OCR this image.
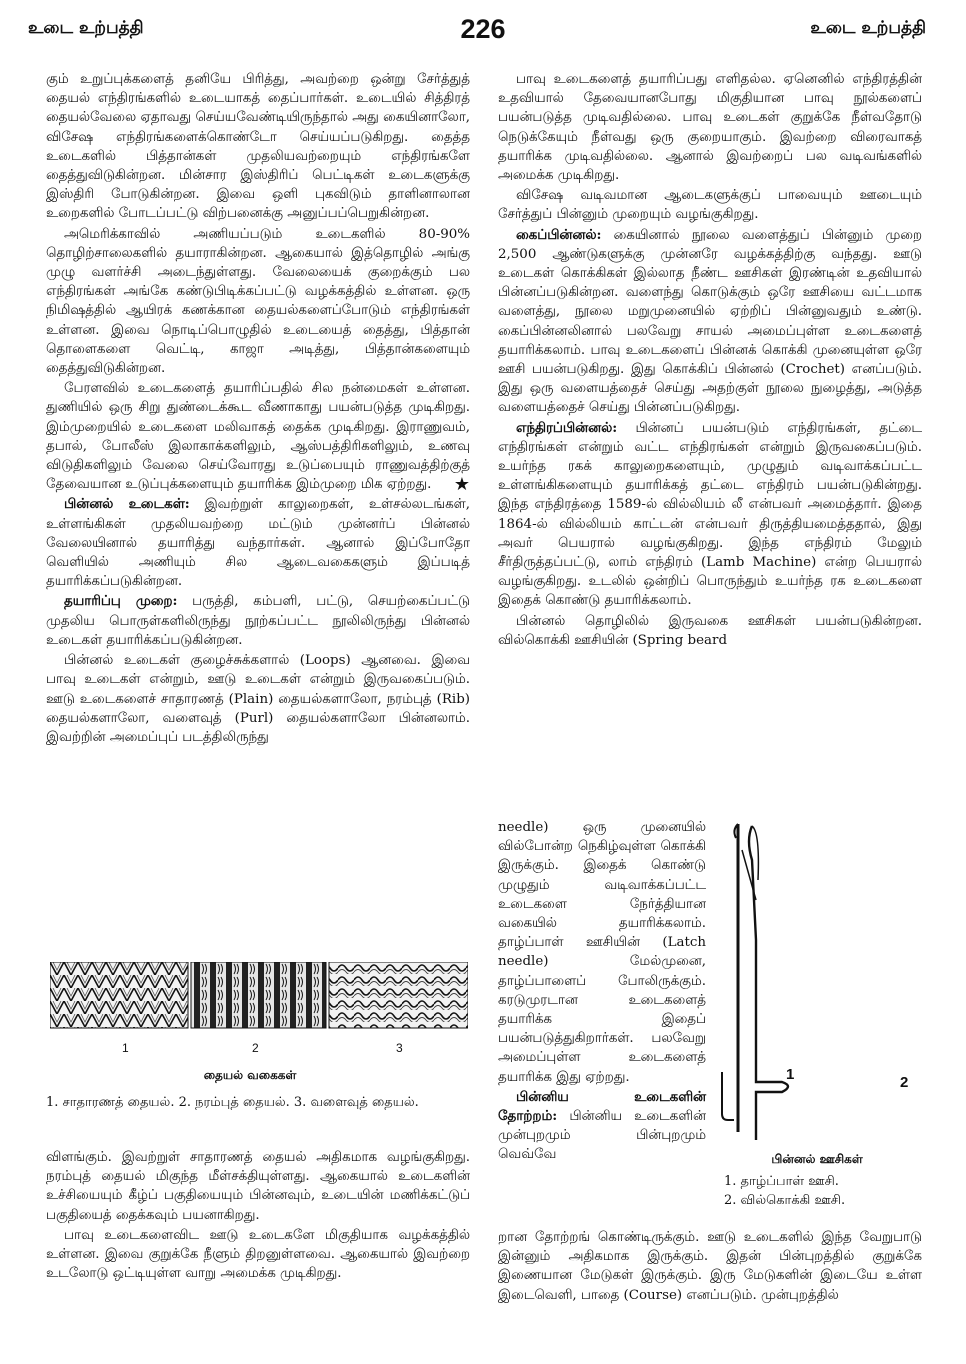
உடை உற்பத்தி	226	உடை உற்பத்தி

கும் உறுப்புக்களைத் தனியே பிரித்து, அவற்றை ஒன்று சேர்த்துத் தையல் எந்திரங்களில் உடையாகத் தைப்பார்கள். உடையில் சித்திரத் தையல்வேலை ஏதாவது செய்யவேண்டியிருந்தால் அது கையினாலோ, விசேஷ எந்திரங்களைக்கொண்டோ செய்யப்படுகிறது. தைத்த உடைகளில் பித்தான்கள் முதலியவற்றையும் எந்திரங்களே தைத்துவிடுகின்றன. மின்சார இஸ்திரிப் பெட்டிகள் உடைகளுக்கு இஸ்திரி போடுகின்றன. இவை ஒளி புகவிடும் தாளினாலான உறைகளில் போடப்பட்டு விற்பனைக்கு அனுப்பப்பெறுகின்றன.

அமெரிக்காவில் அணியப்படும் உடைகளில் 80-90% தொழிற்சாலைகளில் தயாராகின்றன. ஆகையால் இத்தொழில் அங்கு முழு வளர்ச்சி அடைந்துள்ளது. வேலையைக் குறைக்கும் பல எந்திரங்கள் அங்கே கண்டுபிடிக்கப்பட்டு வழக்கத்தில் உள்ளன. ஒரு நிமிஷத்தில் ஆயிரக் கணக்கான தையல்களைப்போடும் எந்திரங்கள் உள்ளன. இவை நொடிப்பொழுதில் உடையைத் தைத்து, பித்தான் தொளைகளை வெட்டி, காஜா அடித்து, பித்தான்களையும் தைத்துவிடுகின்றன.

பேரளவில் உடைகளைத் தயாரிப்பதில் சில நன்மைகள் உள்ளன. துணியில் ஒரு சிறு துண்டைக்கூட வீணாகாது பயன்படுத்த முடிகிறது. இம்முறையில் உடைகளை மலிவாகத் தைக்க முடிகிறது. இராணுவம், தபால், போலீஸ் இலாகாக்களிலும், ஆஸ்பத்திரிகளிலும், உணவு விடுதிகளிலும் வேலை செய்வோரது உடுப்பையும் ராணுவத்திற்குத் தேவையான உடுப்புக்களையும் தயாரிக்க இம்முறை மிக ஏற்றது.	★

பின்னல் உடைகள்: இவற்றுள் காலுறைகள், உள்சல்லடங்கள், உள்ளங்கிகள் முதலியவற்றை மட்டும் முன்னர்ப் பின்னல் வேலையினால் தயாரித்து வந்தார்கள். ஆனால் இப்போதோ வெளியில் அணியும் சில ஆடைவகைகளும் இப்படித் தயாரிக்கப்படுகின்றன.

தயாரிப்பு முறை: பருத்தி, கம்பளி, பட்டு, செயற்கைப்பட்டு முதலிய பொருள்களிலிருந்து நூற்கப்பட்ட நூலிலிருந்து பின்னல் உடைகள் தயாரிக்கப்படுகின்றன.

பின்னல் உடைகள் குழைச்சுக்களால் (Loops) ஆனவை. இவை பாவு உடைகள் என்றும், ஊடு உடைகள் என்றும் இருவகைப்படும். ஊடு உடைகளைச் சாதாரணத் (Plain) தையல்களாலோ, நரம்புத் (Rib) தையல்களாலோ, வளைவுத் (Purl) தையல்களாலோ பின்னலாம். இவற்றின் அமைப்புப் படத்திலிருந்து

1	2	3
தையல் வகைகள்
1. சாதாரணத் தையல். 2. நரம்புத் தையல். 3. வளைவுத் தையல்.

விளங்கும். இவற்றுள் சாதாரணத் தையல் அதிகமாக வழங்குகிறது. நரம்புத் தையல் மிகுந்த மீள்சக்தியுள்ளது. ஆகையால் உடைகளின் உச்சியையும் கீழ்ப் பகுதியையும் பின்னவும், உடையின் மணிக்கட்டுப் பகுதியைத் தைக்கவும் பயனாகிறது.

பாவு உடைகளைவிட ஊடு உடைகளே மிகுதியாக வழக்கத்தில் உள்ளன. இவை குறுக்கே நீளும் திறனுள்ளவை. ஆகையால் இவற்றை உடலோடு ஒட்டியுள்ள வாறு அமைக்க முடிகிறது.

பாவு உடைகளைத் தயாரிப்பது எளிதல்ல. ஏனெனில் எந்திரத்தின் உதவியால் தேவையானபோது மிகுதியான பாவு நூல்களைப் பயன்படுத்த முடிவதில்லை. பாவு உடைகள் குறுக்கே நீள்வதோடு நெடுக்கேயும் நீள்வது ஒரு குறையாகும். இவற்றை விரைவாகத் தயாரிக்க முடிவதில்லை. ஆனால் இவற்றைப் பல வடிவங்களில் அமைக்க முடிகிறது.

விசேஷ வடிவமான ஆடைகளுக்குப் பாவையும் ஊடையும் சேர்த்துப் பின்னும் முறையும் வழங்குகிறது.

கைப்பின்னல்: கையினால் நூலை வளைத்துப் பின்னும் முறை 2,500 ஆண்டுகளுக்கு முன்னரே வழக்கத்திற்கு வந்தது. ஊடு உடைகள் கொக்கிகள் இல்லாத நீண்ட ஊசிகள் இரண்டின் உதவியால் பின்னப்படுகின்றன. வளைந்து கொடுக்கும் ஒரே ஊசியை வட்டமாக வளைத்து, நூலை மறுமுனையில் ஏற்றிப் பின்னுவதும் உண்டு. கைப்பின்னலினால் பலவேறு சாயல் அமைப்புள்ள உடைகளைத் தயாரிக்கலாம். பாவு உடைகளைப் பின்னக் கொக்கி முனையுள்ள ஒரே ஊசி பயன்படுகிறது. இது கொக்கிப் பின்னல் (Crochet) எனப்படும். இது ஒரு வளையத்தைச் செய்து அதற்குள் நூலை நுழைத்து, அடுத்த வளையத்தைச் செய்து பின்னப்படுகிறது.

எந்திரப்பின்னல்: பின்னப் பயன்படும் எந்திரங்கள், தட்டை எந்திரங்கள் என்றும் வட்ட எந்திரங்கள் என்றும் இருவகைப்படும். உயர்ந்த ரகக் காலுறைகளையும், முழுதும் வடிவாக்கப்பட்ட உள்ளங்கிகளையும் தயாரிக்கத் தட்டை எந்திரம் பயன்படுகின்றது. இந்த எந்திரத்தை 1589-ல் வில்லியம் லீ என்பவர் அமைத்தார். இதை 1864-ல் வில்லியம் காட்டன் என்பவர் திருத்தியமைத்ததால், இது அவர் பெயரால் வழங்குகிறது. இந்த எந்திரம் மேலும் சீர்திருத்தப்பட்டு, லாம் எந்திரம் (Lamb Machine) என்ற பெயரால் வழங்குகிறது. உடலில் ஒன்றிப் பொருந்தும் உயர்ந்த ரக உடைகளை இதைக் கொண்டு தயாரிக்கலாம்.

பின்னல் தொழிலில் இருவகை ஊசிகள் பயன்படுகின்றன. வில்கொக்கி ஊசியின் (Spring beard

needle) ஒரு முனையில் வில்போன்ற நெகிழ்வுள்ள கொக்கி இருக்கும். இதைக் கொண்டு முழுதும் வடிவாக்கப்பட்ட உடைகளை நேர்த்தியான வகையில் தயாரிக்கலாம். தாழ்ப்பாள் ஊசியின் (Latch needle) மேல்முனை, தாழ்ப்பாளைப் போலிருக்கும். கரடுமுரடான உடைகளைத் தயாரிக்க இதைப் பயன்படுத்துகிறார்கள். பலவேறு அமைப்புள்ள உடைகளைத் தயாரிக்க இது ஏற்றது.

பின்னிய உடைகளின் தோற்றம்: பின்னிய உடைகளின் முன்புறமும் பின்புறமும் வெவ்வே

1	2
பின்னல் ஊசிகள்
1. தாழ்ப்பாள் ஊசி.
2. வில்கொக்கி ஊசி.

றான தோற்றங் கொண்டிருக்கும். ஊடு உடைகளில் இந்த வேறுபாடு இன்னும் அதிகமாக இருக்கும். இதன் பின்புறத்தில் குறுக்கே இணையான மேடுகள் இருக்கும். இரு மேடுகளின் இடையே உள்ள இடைவெளி, பாதை (Course) எனப்படும். முன்புறத்தில்
